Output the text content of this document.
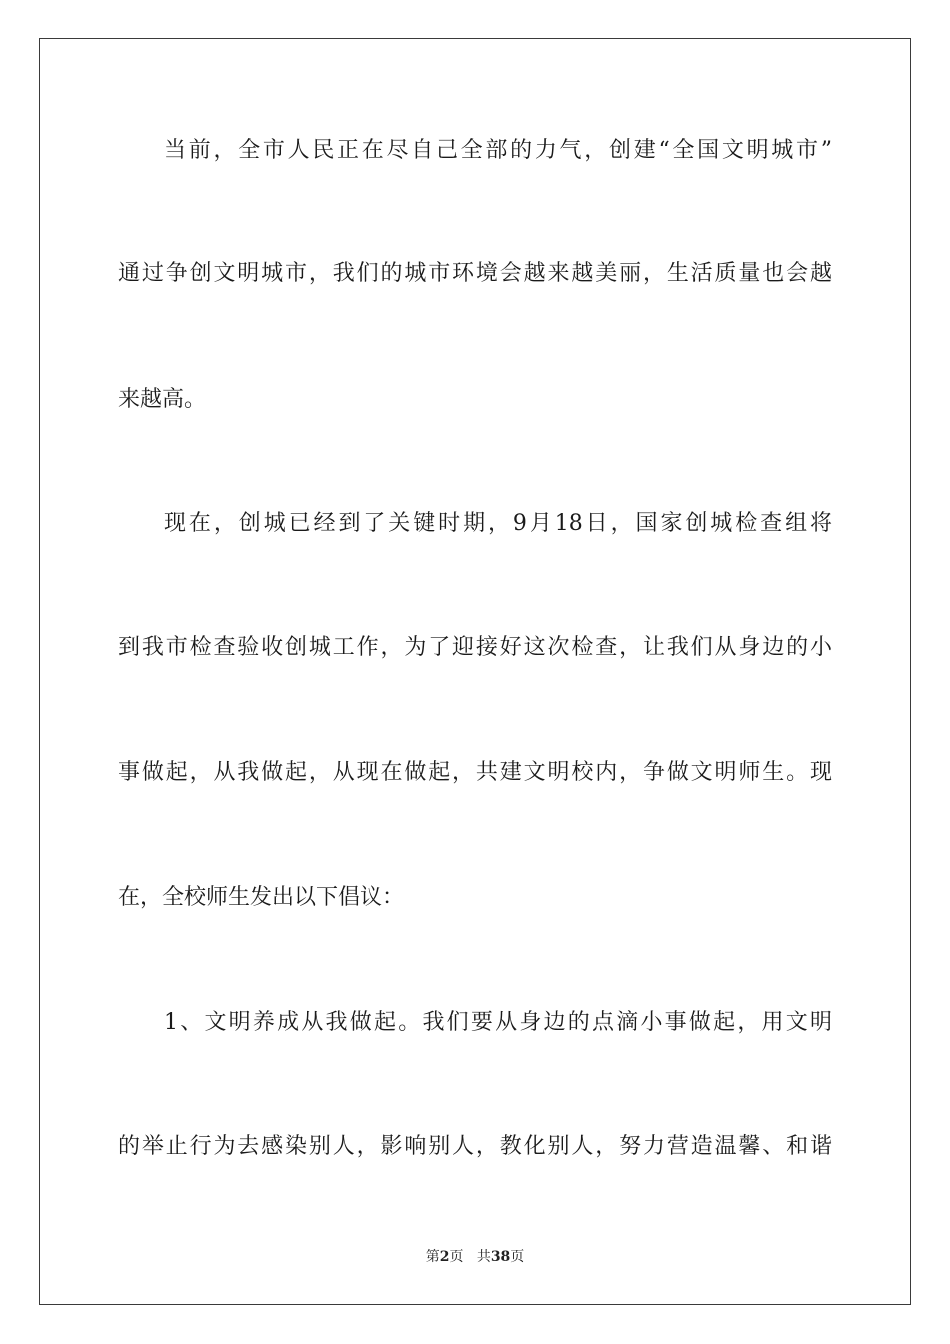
当前，全市人民正在尽自己全部的力气，创建“全国文明城市”
通过争创文明城市，我们的城市环境会越来越美丽，生活质量也会越
来越高。
现在，创城已经到了关键时期，9月18日，国家创城检查组将
到我市检查验收创城工作，为了迎接好这次检查，让我们从身边的小
事做起，从我做起，从现在做起，共建文明校内，争做文明师生。现
在，全校师生发出以下倡议：
1、文明养成从我做起。我们要从身边的点滴小事做起，用文明
的举止行为去感染别人，影响别人，教化别人，努力营造温馨、和谐
第2页 共38页
